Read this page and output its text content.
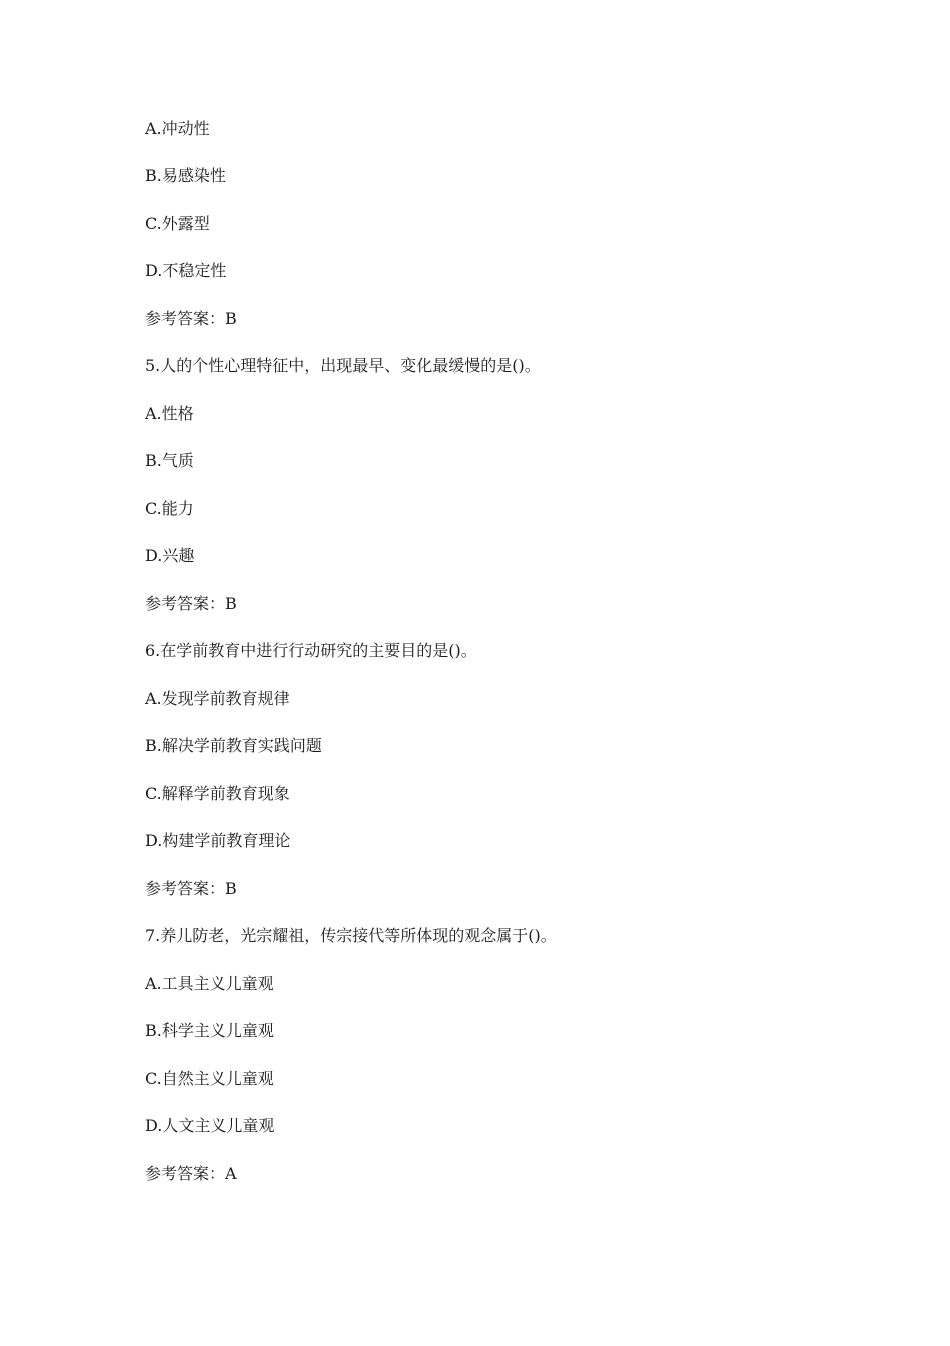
A.冲动性
B.易感染性
C.外露型
D.不稳定性
参考答案：B
5.人的个性心理特征中，出现最早、变化最缓慢的是()。
A.性格
B.气质
C.能力
D.兴趣
参考答案：B
6.在学前教育中进行行动研究的主要目的是()。
A.发现学前教育规律
B.解决学前教育实践问题
C.解释学前教育现象
D.构建学前教育理论
参考答案：B
7.养儿防老，光宗耀祖，传宗接代等所体现的观念属于()。
A.工具主义儿童观
B.科学主义儿童观
C.自然主义儿童观
D.人文主义儿童观
参考答案：A
